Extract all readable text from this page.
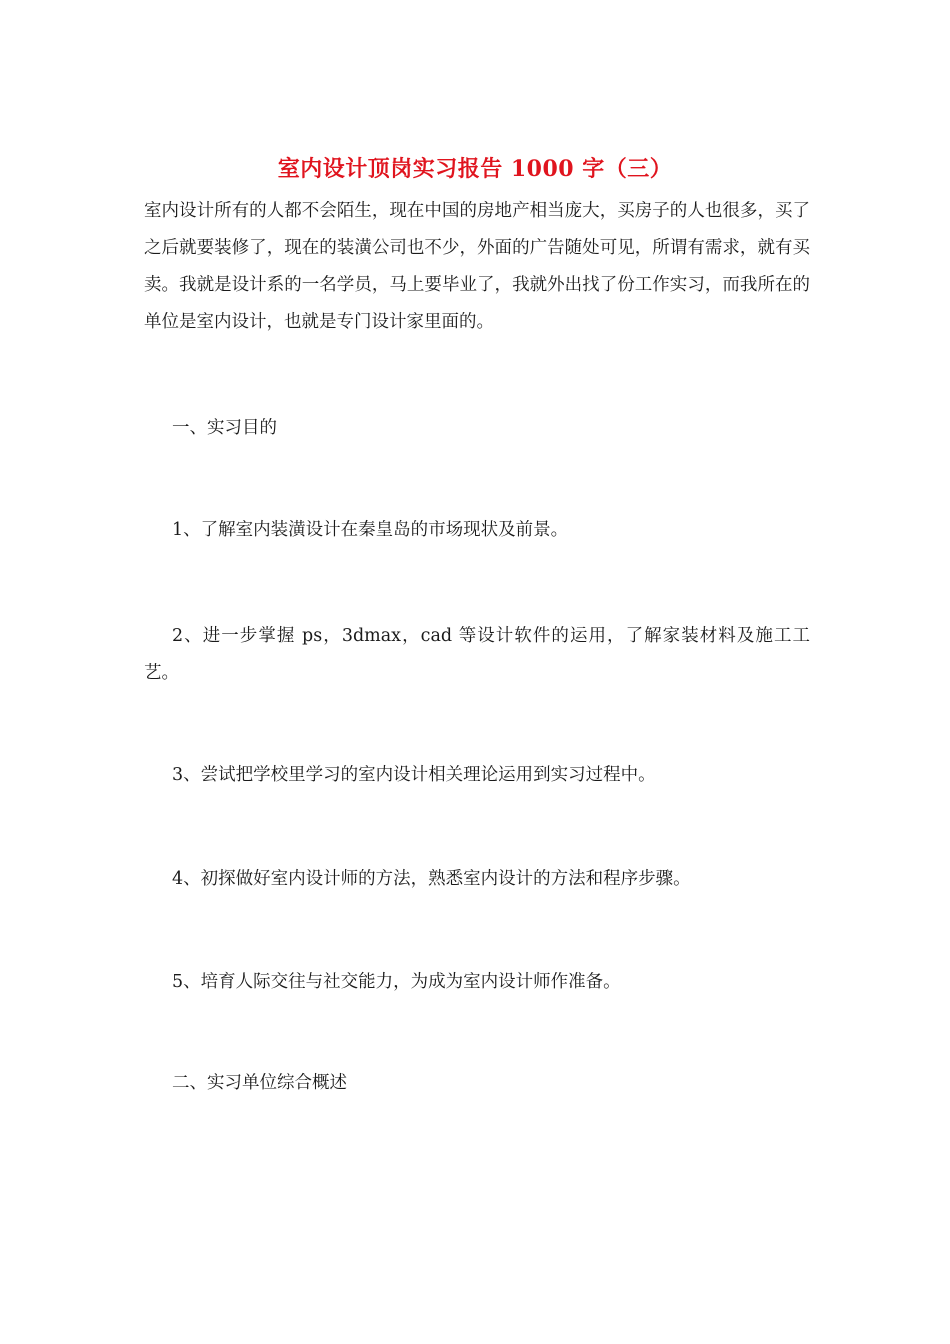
室内设计顶岗实习报告 1000 字（三）

室内设计所有的人都不会陌生，现在中国的房地产相当庞大，买房子的人也很多，买了之后就要装修了，现在的装潢公司也不少，外面的广告随处可见，所谓有需求，就有买卖。我就是设计系的一名学员，马上要毕业了，我就外出找了份工作实习，而我所在的单位是室内设计，也就是专门设计家里面的。

一、实习目的

1、了解室内装潢设计在秦皇岛的市场现状及前景。

2、进一步掌握 ps，3dmax，cad 等设计软件的运用，了解家装材料及施工工艺。

3、尝试把学校里学习的室内设计相关理论运用到实习过程中。

4、初探做好室内设计师的方法，熟悉室内设计的方法和程序步骤。

5、培育人际交往与社交能力，为成为室内设计师作准备。

二、实习单位综合概述
